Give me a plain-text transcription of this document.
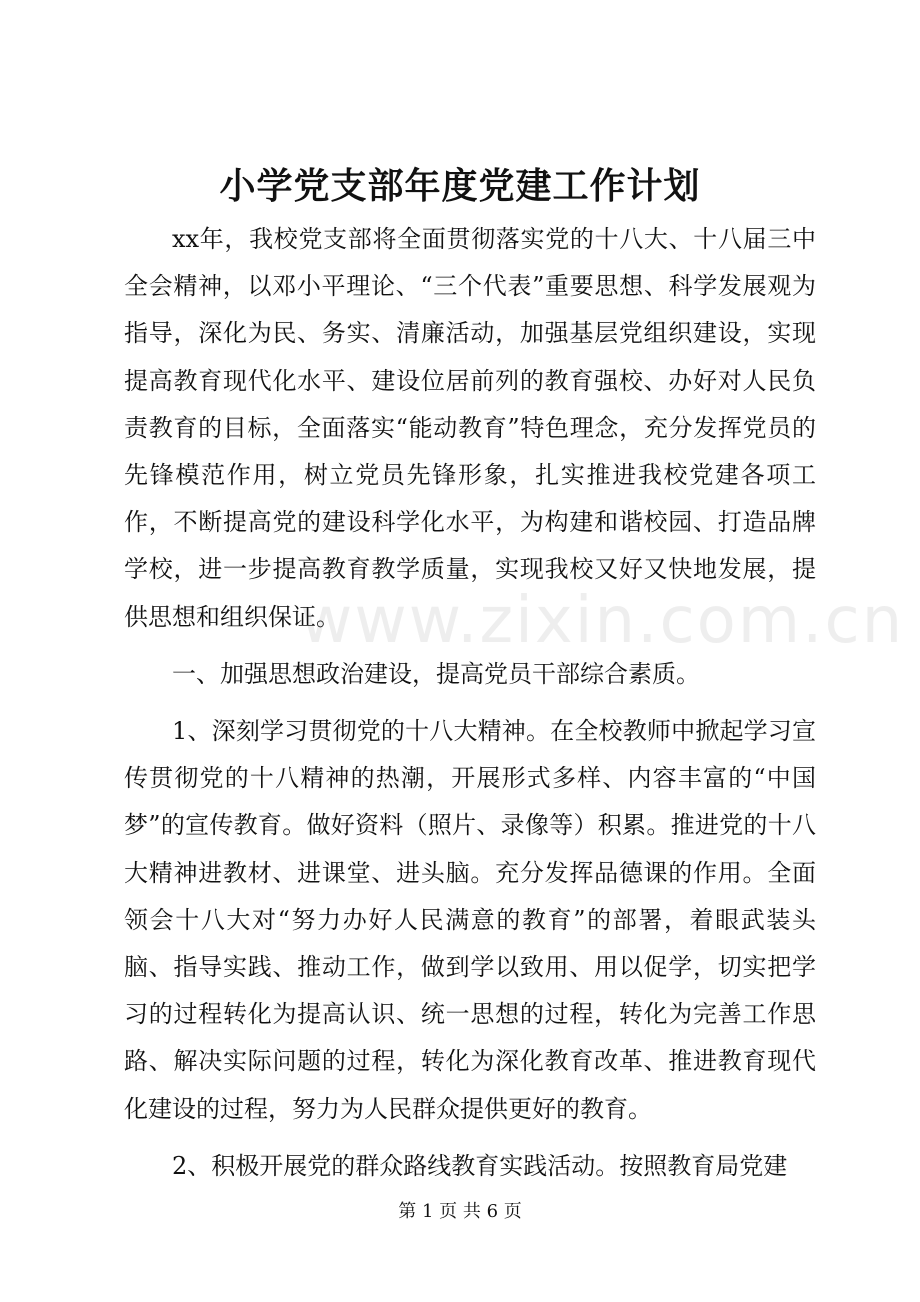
小学党支部年度党建工作计划
www.zixin.com.cn

xx年，我校党支部将全面贯彻落实党的十八大、十八届三中全会精神，以邓小平理论、“三个代表”重要思想、科学发展观为指导，深化为民、务实、清廉活动，加强基层党组织建设，实现提高教育现代化水平、建设位居前列的教育强校、办好对人民负责教育的目标，全面落实“能动教育”特色理念，充分发挥党员的先锋模范作用，树立党员先锋形象，扎实推进我校党建各项工作，不断提高党的建设科学化水平，为构建和谐校园、打造品牌学校，进一步提高教育教学质量，实现我校又好又快地发展，提供思想和组织保证。

一、加强思想政治建设，提高党员干部综合素质。

1、深刻学习贯彻党的十八大精神。在全校教师中掀起学习宣传贯彻党的十八精神的热潮，开展形式多样、内容丰富的“中国梦”的宣传教育。做好资料（照片、录像等）积累。推进党的十八大精神进教材、进课堂、进头脑。充分发挥品德课的作用。全面领会十八大对“努力办好人民满意的教育”的部署，着眼武装头脑、指导实践、推动工作，做到学以致用、用以促学，切实把学习的过程转化为提高认识、统一思想的过程，转化为完善工作思路、解决实际问题的过程，转化为深化教育改革、推进教育现代化建设的过程，努力为人民群众提供更好的教育。

2、积极开展党的群众路线教育实践活动。按照教育局党建

第 1 页 共 6 页
